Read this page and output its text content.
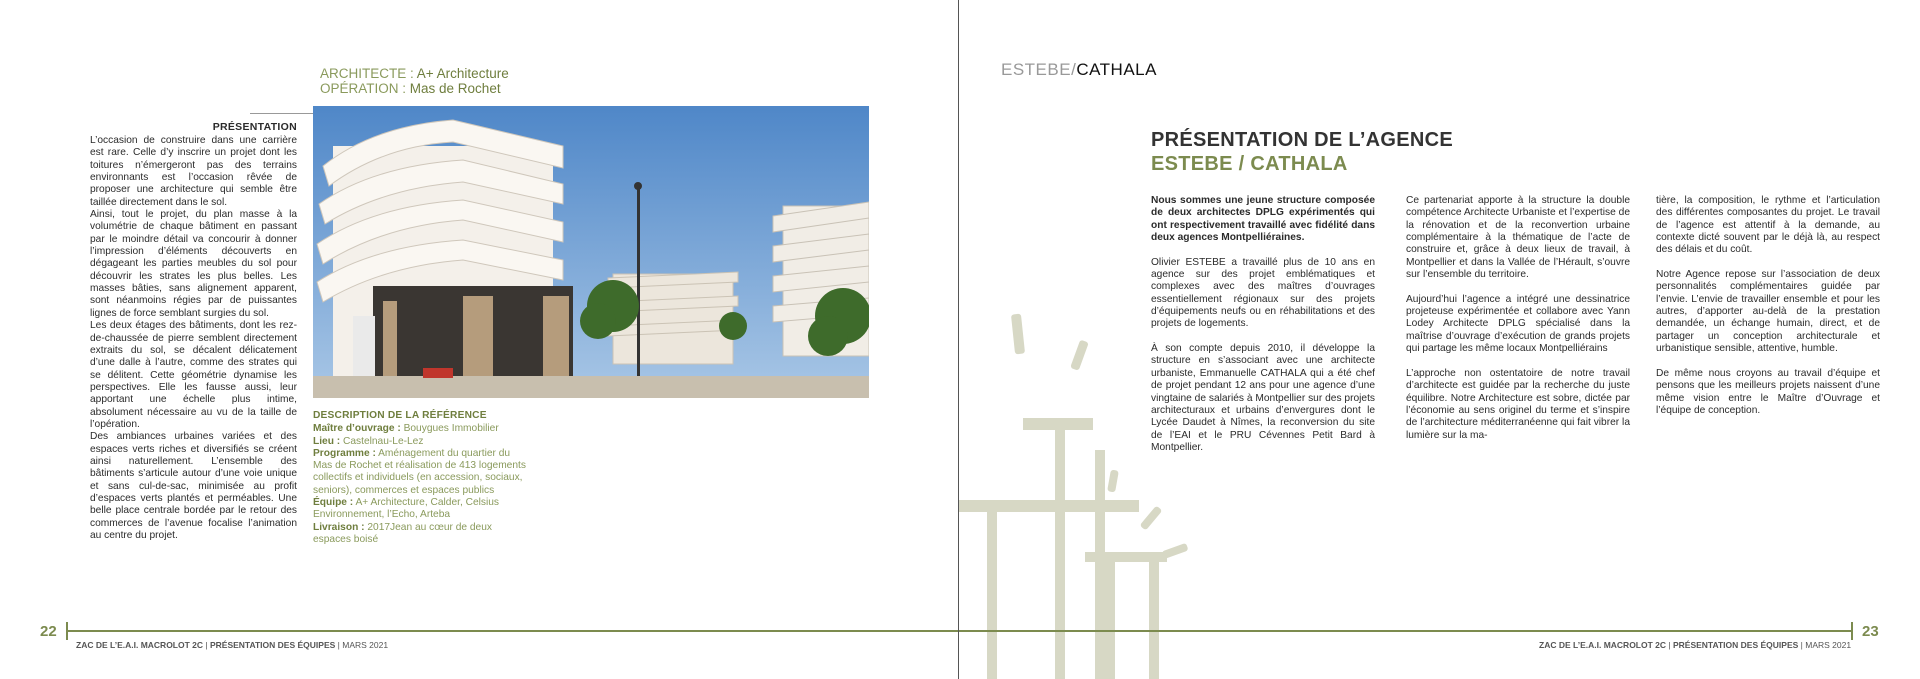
ARCHITECTE : A+ Architecture
OPÉRATION : Mas de Rochet
PRÉSENTATION

L’occasion de construire dans une carrière est rare. Celle d’y inscrire un projet dont les toitures n’émergeront pas des terrains environnants est l’occasion rêvée de proposer une architecture qui semble être taillée directement dans le sol.

Ainsi, tout le projet, du plan masse à la volumétrie de chaque bâtiment en passant par le moindre détail va concourir à donner l’impression d’éléments découverts en dégageant les parties meubles du sol pour découvrir les strates les plus belles. Les masses bâties, sans alignement apparent, sont néanmoins régies par de puissantes lignes de force semblant surgies du sol.

Les deux étages des bâtiments, dont les rez-de-chaussée de pierre semblent directement extraits du sol, se décalent délicatement d’une dalle à l’autre, comme des strates qui se délitent. Cette géométrie dynamise les perspectives. Elle les fausse aussi, leur apportant une échelle plus intime, absolument nécessaire au vu de la taille de l’opération.

Des ambiances urbaines variées et des espaces verts riches et diversifiés se créent ainsi naturellement. L’ensemble des bâtiments s’articule autour d’une voie unique et sans cul-de-sac, minimisée au profit d’espaces verts plantés et perméables. Une belle place centrale bordée par le retour des commerces de l’avenue focalise l’animation au centre du projet.

DESCRIPTION DE LA RÉFÉRENCE

Maître d’ouvrage : Bouygues Immobilier

Lieu : Castelnau-Le-Lez

Programme : Aménagement du quartier du Mas de Rochet et réalisation de 413 logements collectifs et individuels (en accession, sociaux, seniors), commerces et espaces publics

Équipe : A+ Architecture, Calder, Celsius Environnement, l’Echo, Arteba

Livraison : 2017Jean au cœur de deux espaces boisé

22
ZAC DE L’E.A.I. MACROLOT 2C | PRÉSENTATION DES ÉQUIPES | MARS 2021
ESTEBE/CATHALA
PRÉSENTATION DE L’AGENCE
ESTEBE / CATHALA

Nous sommes une jeune structure composée de deux architectes DPLG expérimentés qui ont respectivement travaillé avec fidélité dans deux agences Montpelliéraines.

Olivier ESTEBE a travaillé plus de 10 ans en agence sur des projet emblématiques et complexes avec des maîtres d’ouvrages essentiellement régionaux sur des projets d’équipements neufs ou en réhabilitations et des projets de logements.

À son compte depuis 2010, il développe la structure en s’associant avec une architecte urbaniste, Emmanuelle CATHALA qui a été chef de projet pendant 12 ans pour une agence d’une vingtaine de salariés à Montpellier sur des projets architecturaux et urbains d’envergures dont le Lycée Daudet à Nîmes, la reconversion du site de l’EAI et le PRU Cévennes Petit Bard à Montpellier.

Ce partenariat apporte à la structure la double compétence Architecte Urbaniste et l’expertise de la rénovation et de la reconvertion urbaine complémentaire à la thématique de l’acte de construire et, grâce à deux lieux de travail, à Montpellier et dans la Vallée de l’Hérault, s’ouvre sur l’ensemble du territoire.

Aujourd’hui l’agence a intégré une dessinatrice projeteuse expérimentée et collabore avec Yann Lodey Architecte DPLG spécialisé dans la maîtrise d’ouvrage d’exécution de grands projets qui partage les même locaux Montpelliérains

L’approche non ostentatoire de notre travail d’architecte est guidée par la recherche du juste équilibre. Notre Architecture est sobre, dictée par l’économie au sens originel du terme et s’inspire de l’architecture méditerranéenne qui fait vibrer la lumière sur la ma-

tière, la composition, le rythme et l’articulation des différentes composantes du projet. Le travail de l’agence est attentif à la demande, au contexte dicté souvent par le déjà là, au respect des délais et du coût.

Notre Agence repose sur l’association de deux personnalités complémentaires guidée par l’envie. L’envie de travailler ensemble et pour les autres, d’apporter au-delà de la prestation demandée, un échange humain, direct, et de partager un conception architecturale et urbanistique sensible, attentive, humble.

De même nous croyons au travail d’équipe et pensons que les meilleurs projets naissent d’une même vision entre le Maître d’Ouvrage et l’équipe de conception.

23
ZAC DE L’E.A.I. MACROLOT 2C | PRÉSENTATION DES ÉQUIPES | MARS 2021
